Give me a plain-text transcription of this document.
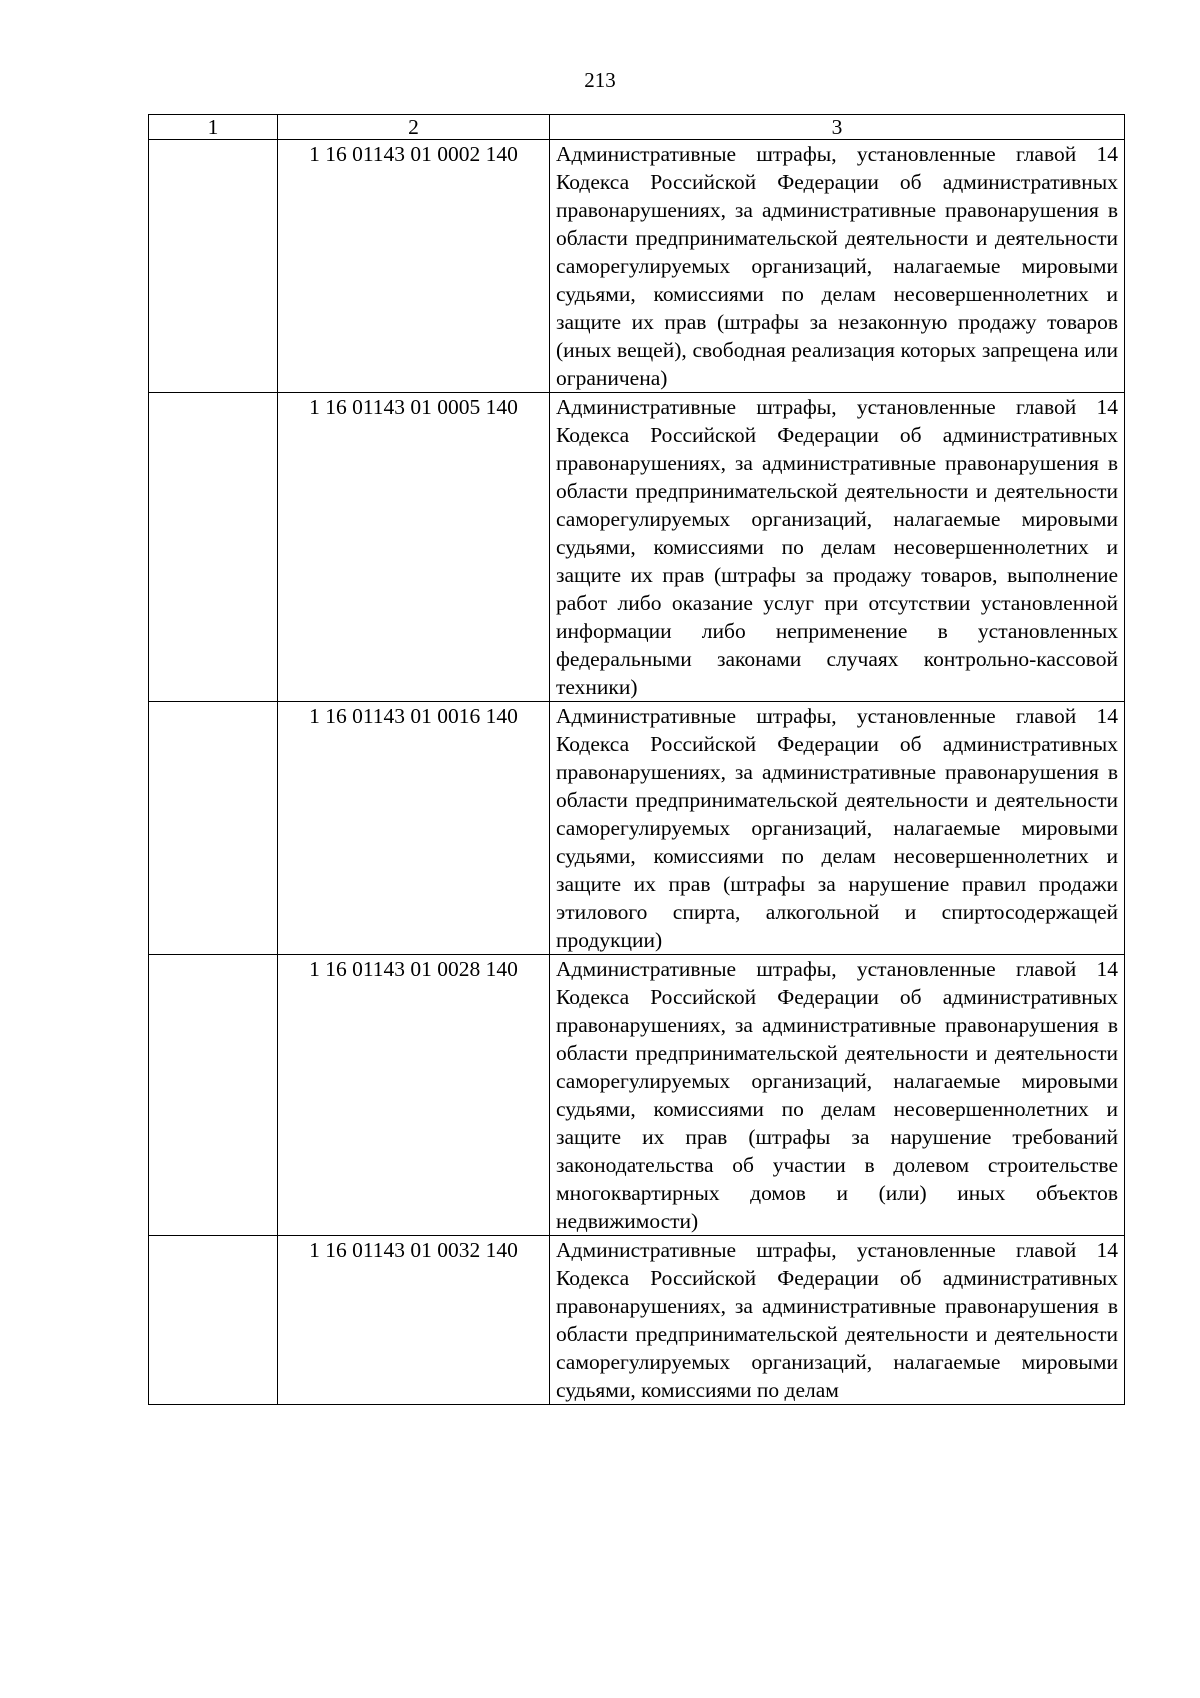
213
1	2	3
	1 16 01143 01 0002 140	Административные штрафы, установленные главой 14 Кодекса Российской Федерации об административных правонарушениях, за административные правонарушения в области предпринимательской деятельности и деятельности саморегулируемых организаций, налагаемые мировыми судьями, комиссиями по делам несовершеннолетних и защите их прав (штрафы за незаконную продажу товаров (иных вещей), свободная реализация которых запрещена или ограничена)
	1 16 01143 01 0005 140	Административные штрафы, установленные главой 14 Кодекса Российской Федерации об административных правонарушениях, за административные правонарушения в области предпринимательской деятельности и деятельности саморегулируемых организаций, налагаемые мировыми судьями, комиссиями по делам несовершеннолетних и защите их прав (штрафы за продажу товаров, выполнение работ либо оказание услуг при отсутствии установленной информации либо неприменение в установленных федеральными законами случаях контрольно-кассовой техники)
	1 16 01143 01 0016 140	Административные штрафы, установленные главой 14 Кодекса Российской Федерации об административных правонарушениях, за административные правонарушения в области предпринимательской деятельности и деятельности саморегулируемых организаций, налагаемые мировыми судьями, комиссиями по делам несовершеннолетних и защите их прав (штрафы за нарушение правил продажи этилового спирта, алкогольной и спиртосодержащей продукции)
	1 16 01143 01 0028 140	Административные штрафы, установленные главой 14 Кодекса Российской Федерации об административных правонарушениях, за административные правонарушения в области предпринимательской деятельности и деятельности саморегулируемых организаций, налагаемые мировыми судьями, комиссиями по делам несовершеннолетних и защите их прав (штрафы за нарушение требований законодательства об участии в долевом строительстве многоквартирных домов и (или) иных объектов недвижимости)
	1 16 01143 01 0032 140	Административные штрафы, установленные главой 14 Кодекса Российской Федерации об административных правонарушениях, за административные правонарушения в области предпринимательской деятельности и деятельности саморегулируемых организаций, налагаемые мировыми судьями, комиссиями по делам
